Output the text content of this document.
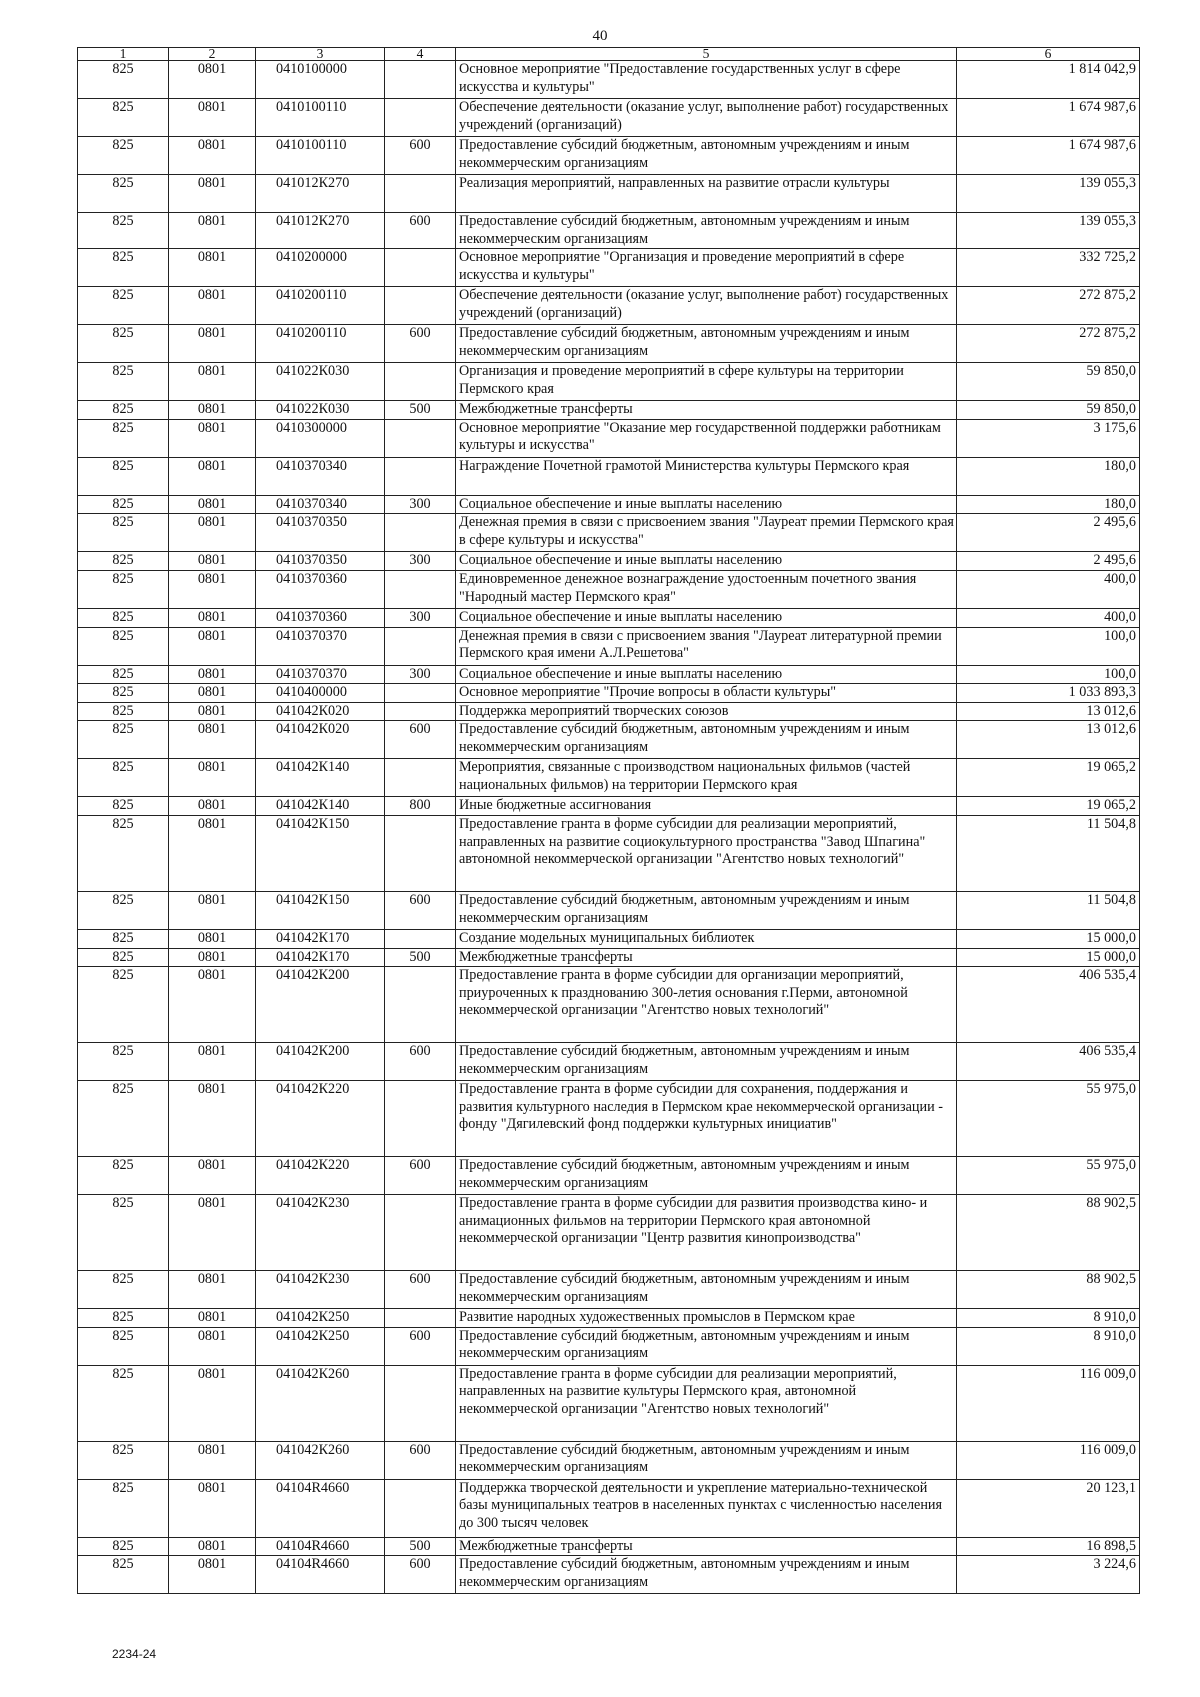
40
1	2	3	4	5	6
825	0801	0410100000		Основное мероприятие "Предоставление государственных услуг в сфере искусства и культуры"	1 814 042,9
825	0801	0410100110		Обеспечение деятельности (оказание услуг, выполнение работ) государственных учреждений (организаций)	1 674 987,6
825	0801	0410100110	600	Предоставление субсидий бюджетным, автономным учреждениям и иным некоммерческим организациям	1 674 987,6
825	0801	041012К270		Реализация мероприятий, направленных на развитие отрасли культуры	139 055,3
825	0801	041012К270	600	Предоставление субсидий бюджетным, автономным учреждениям и иным некоммерческим организациям	139 055,3
825	0801	0410200000		Основное мероприятие "Организация и проведение мероприятий в сфере искусства и культуры"	332 725,2
825	0801	0410200110		Обеспечение деятельности (оказание услуг, выполнение работ) государственных учреждений (организаций)	272 875,2
825	0801	0410200110	600	Предоставление субсидий бюджетным, автономным учреждениям и иным некоммерческим организациям	272 875,2
825	0801	041022К030		Организация и проведение мероприятий в сфере культуры на территории Пермского края	59 850,0
825	0801	041022К030	500	Межбюджетные трансферты	59 850,0
825	0801	0410300000		Основное мероприятие "Оказание мер государственной поддержки работникам культуры и искусства"	3 175,6
825	0801	0410370340		Награждение Почетной грамотой Министерства культуры Пермского края	180,0
825	0801	0410370340	300	Социальное обеспечение и иные выплаты населению	180,0
825	0801	0410370350		Денежная премия в связи с присвоением звания "Лауреат премии Пермского края в сфере культуры и искусства"	2 495,6
825	0801	0410370350	300	Социальное обеспечение и иные выплаты населению	2 495,6
825	0801	0410370360		Единовременное денежное вознаграждение удостоенным почетного звания "Народный мастер Пермского края"	400,0
825	0801	0410370360	300	Социальное обеспечение и иные выплаты населению	400,0
825	0801	0410370370		Денежная премия в связи с присвоением звания "Лауреат литературной премии Пермского края имени А.Л.Решетова"	100,0
825	0801	0410370370	300	Социальное обеспечение и иные выплаты населению	100,0
825	0801	0410400000		Основное мероприятие "Прочие вопросы в области культуры"	1 033 893,3
825	0801	041042К020		Поддержка мероприятий творческих союзов	13 012,6
825	0801	041042К020	600	Предоставление субсидий бюджетным, автономным учреждениям и иным некоммерческим организациям	13 012,6
825	0801	041042К140		Мероприятия, связанные с производством национальных фильмов (частей национальных фильмов) на территории Пермского края	19 065,2
825	0801	041042К140	800	Иные бюджетные ассигнования	19 065,2
825	0801	041042К150		Предоставление гранта в форме субсидии для реализации мероприятий, направленных на развитие социокультурного пространства "Завод Шпагина" автономной некоммерческой организации "Агентство новых технологий"	11 504,8
825	0801	041042К150	600	Предоставление субсидий бюджетным, автономным учреждениям и иным некоммерческим организациям	11 504,8
825	0801	041042К170		Создание модельных муниципальных библиотек	15 000,0
825	0801	041042К170	500	Межбюджетные трансферты	15 000,0
825	0801	041042К200		Предоставление гранта в форме субсидии для организации мероприятий, приуроченных к празднованию 300-летия основания г.Перми, автономной некоммерческой организации "Агентство новых технологий"	406 535,4
825	0801	041042К200	600	Предоставление субсидий бюджетным, автономным учреждениям и иным некоммерческим организациям	406 535,4
825	0801	041042К220		Предоставление гранта в форме субсидии для сохранения, поддержания и развития культурного наследия в Пермском крае некоммерческой организации - фонду "Дягилевский фонд поддержки культурных инициатив"	55 975,0
825	0801	041042К220	600	Предоставление субсидий бюджетным, автономным учреждениям и иным некоммерческим организациям	55 975,0
825	0801	041042К230		Предоставление гранта в форме субсидии для развития производства кино- и анимационных фильмов на территории Пермского края автономной некоммерческой организации "Центр развития кинопроизводства"	88 902,5
825	0801	041042К230	600	Предоставление субсидий бюджетным, автономным учреждениям и иным некоммерческим организациям	88 902,5
825	0801	041042К250		Развитие народных художественных промыслов в Пермском крае	8 910,0
825	0801	041042К250	600	Предоставление субсидий бюджетным, автономным учреждениям и иным некоммерческим организациям	8 910,0
825	0801	041042К260		Предоставление гранта в форме субсидии для реализации мероприятий, направленных на развитие культуры Пермского края, автономной некоммерческой организации "Агентство новых технологий"	116 009,0
825	0801	041042К260	600	Предоставление субсидий бюджетным, автономным учреждениям и иным некоммерческим организациям	116 009,0
825	0801	04104R4660		Поддержка творческой деятельности и укрепление материально-технической базы муниципальных театров в населенных пунктах с численностью населения до 300 тысяч человек	20 123,1
825	0801	04104R4660	500	Межбюджетные трансферты	16 898,5
825	0801	04104R4660	600	Предоставление субсидий бюджетным, автономным учреждениям и иным некоммерческим организациям	3 224,6
2234-24
